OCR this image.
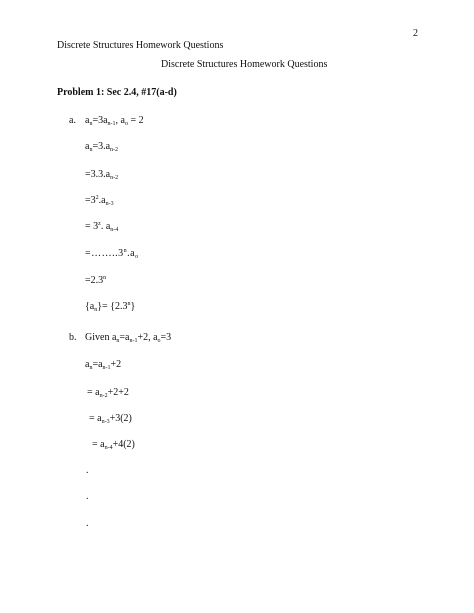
2
Discrete Structures Homework Questions
Discrete Structures Homework Questions
Problem 1: Sec 2.4, #17(a-d)
a. $a_n=3a_{n-1}$, $a_o = 2$
$a_n=3.a_{n-2}$
$=3.3.a_{n-2}$
$=3^2.a_{n-3}$
= $3^z$. $a_{n-4}$
$=\dots\dots..3^n.a_o$
$=2.3^n$
$\{a_n\}= \{2.3^n\}$
b. Given $a_n=a_{n-1}+2$, $a_o=3$
$a_n=a_{n-1}+2$
= $a_{n-2}+2+2$
= $a_{n-3}+3(2)$
= $a_{n-4}+4(2)$
.
.
.
